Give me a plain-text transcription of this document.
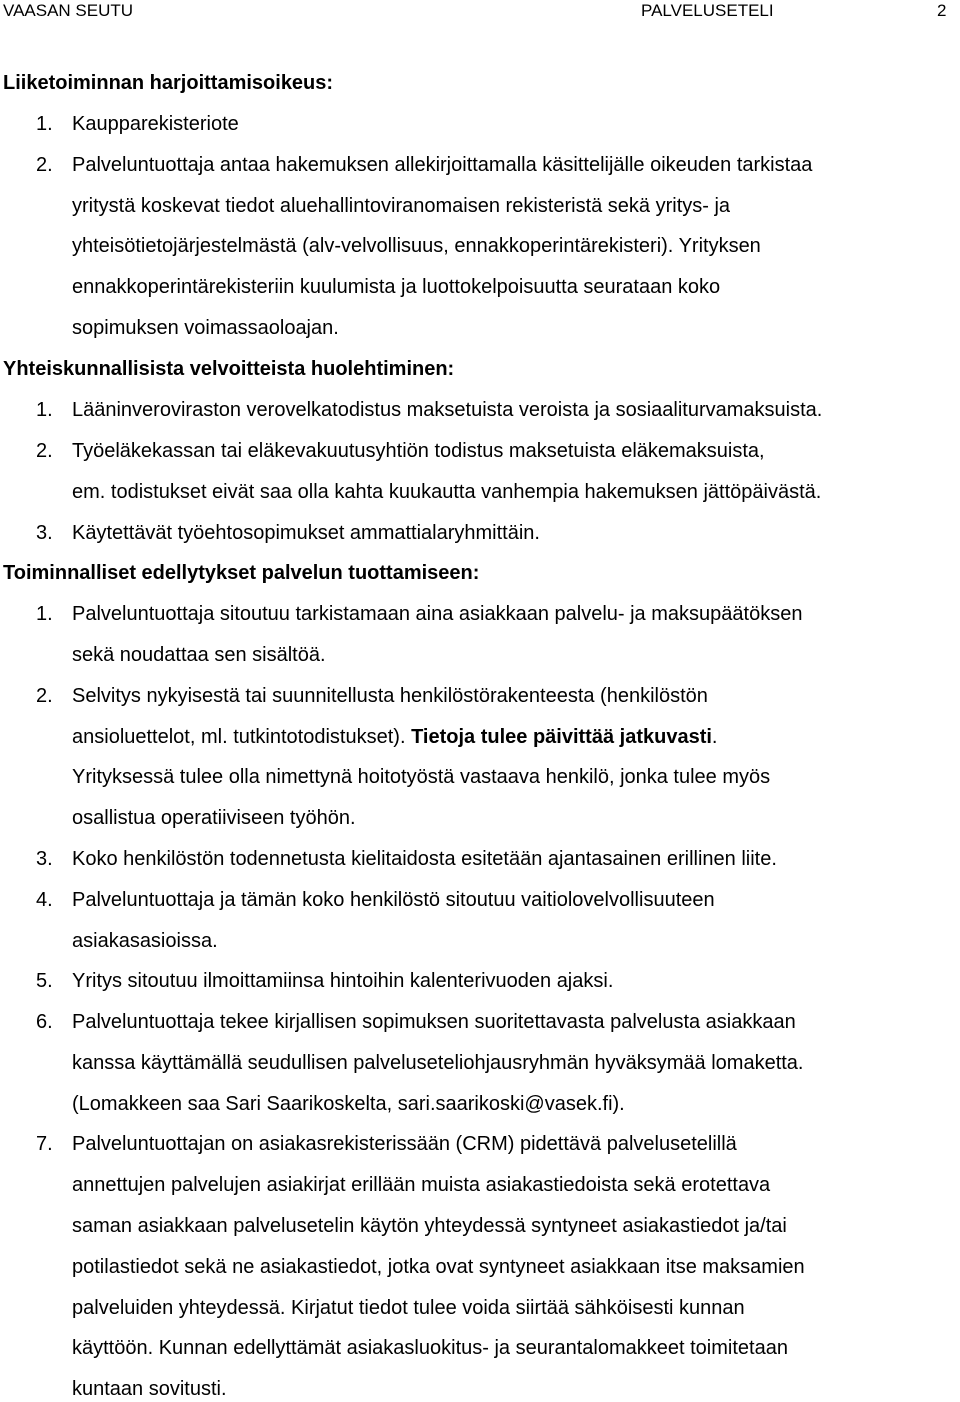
VAASAN SEUTU	PALVELUSETELI	2
Liiketoiminnan harjoittamisoikeus:
1. Kaupparekisteriote
2. Palveluntuottaja antaa hakemuksen allekirjoittamalla käsittelijälle oikeuden tarkistaa
yritystä koskevat tiedot aluehallintoviranomaisen rekisteristä sekä yritys- ja
yhteisötietojärjestelmästä (alv-velvollisuus, ennakkoperintärekisteri). Yrityksen
ennakkoperintärekisteriin kuulumista ja luottokelpoisuutta seurataan koko
sopimuksen voimassaoloajan.
Yhteiskunnallisista velvoitteista huolehtiminen:
1. Lääninveroviraston verovelkatodistus maksetuista veroista ja sosiaaliturvamaksuista.
2. Työeläkekassan tai eläkevakuutusyhtiön todistus maksetuista eläkemaksuista,
em. todistukset eivät saa olla kahta kuukautta vanhempia hakemuksen jättöpäivästä.
3. Käytettävät työehtosopimukset ammattialaryhmittäin.
Toiminnalliset edellytykset palvelun tuottamiseen:
1. Palveluntuottaja sitoutuu tarkistamaan aina asiakkaan palvelu- ja maksupäätöksen
sekä noudattaa sen sisältöä.
2. Selvitys nykyisestä tai suunnitellusta henkilöstörakenteesta (henkilöstön
ansioluettelot, ml. tutkintotodistukset). Tietoja tulee päivittää jatkuvasti.
Yrityksessä tulee olla nimettynä hoitotyöstä vastaava henkilö, jonka tulee myös
osallistua operatiiviseen työhön.
3. Koko henkilöstön todennetusta kielitaidosta esitetään ajantasainen erillinen liite.
4. Palveluntuottaja ja tämän koko henkilöstö sitoutuu vaitiolovelvollisuuteen
asiakasasioissa.
5. Yritys sitoutuu ilmoittamiinsa hintoihin kalenterivuoden ajaksi.
6. Palveluntuottaja tekee kirjallisen sopimuksen suoritettavasta palvelusta asiakkaan
kanssa käyttämällä seudullisen palveluseteliohjausryhmän hyväksymää lomaketta.
(Lomakkeen saa Sari Saarikoskelta, sari.saarikoski@vasek.fi).
7. Palveluntuottajan on asiakasrekisterissään (CRM) pidettävä palvelusetelillä
annettujen palvelujen asiakirjat erillään muista asiakastiedoista sekä erotettava
saman asiakkaan palvelusetelin käytön yhteydessä syntyneet asiakastiedot ja/tai
potilastiedot sekä ne asiakastiedot, jotka ovat syntyneet asiakkaan itse maksamien
palveluiden yhteydessä. Kirjatut tiedot tulee voida siirtää sähköisesti kunnan
käyttöön. Kunnan edellyttämät asiakasluokitus- ja seurantalomakkeet toimitetaan
kuntaan sovitusti.
